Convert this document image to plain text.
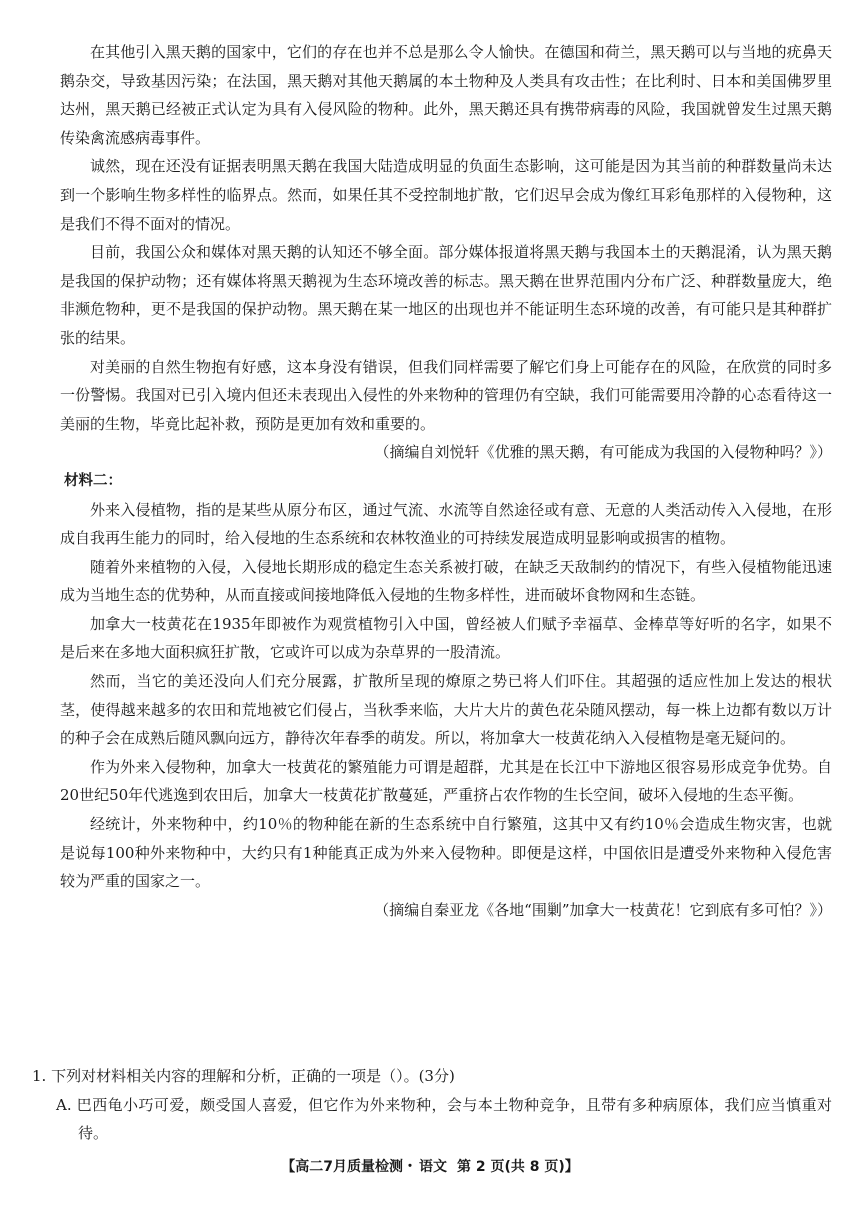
在其他引入黑天鹅的国家中，它们的存在也并不总是那么令人愉快。在德国和荷兰，黑天鹅可以与当地的疣鼻天鹅杂交，导致基因污染；在法国，黑天鹅对其他天鹅属的本土物种及人类具有攻击性；在比利时、日本和美国佛罗里达州，黑天鹅已经被正式认定为具有入侵风险的物种。此外，黑天鹅还具有携带病毒的风险，我国就曾发生过黑天鹅传染禽流感病毒事件。

诚然，现在还没有证据表明黑天鹅在我国大陆造成明显的负面生态影响，这可能是因为其当前的种群数量尚未达到一个影响生物多样性的临界点。然而，如果任其不受控制地扩散，它们迟早会成为像红耳彩龟那样的入侵物种，这是我们不得不面对的情况。

目前，我国公众和媒体对黑天鹅的认知还不够全面。部分媒体报道将黑天鹅与我国本土的天鹅混淆，认为黑天鹅是我国的保护动物；还有媒体将黑天鹅视为生态环境改善的标志。黑天鹅在世界范围内分布广泛、种群数量庞大，绝非濒危物种，更不是我国的保护动物。黑天鹅在某一地区的出现也并不能证明生态环境的改善，有可能只是其种群扩张的结果。

对美丽的自然生物抱有好感，这本身没有错误，但我们同样需要了解它们身上可能存在的风险，在欣赏的同时多一份警惕。我国对已引入境内但还未表现出入侵性的外来物种的管理仍有空缺，我们可能需要用冷静的心态看待这一美丽的生物，毕竟比起补救，预防是更加有效和重要的。

（摘编自刘悦轩《优雅的黑天鹅，有可能成为我国的入侵物种吗？》）

材料二：

外来入侵植物，指的是某些从原分布区，通过气流、水流等自然途径或有意、无意的人类活动传入入侵地，在形成自我再生能力的同时，给入侵地的生态系统和农林牧渔业的可持续发展造成明显影响或损害的植物。

随着外来植物的入侵，入侵地长期形成的稳定生态关系被打破，在缺乏天敌制约的情况下，有些入侵植物能迅速成为当地生态的优势种，从而直接或间接地降低入侵地的生物多样性，进而破坏食物网和生态链。

加拿大一枝黄花在1935年即被作为观赏植物引入中国，曾经被人们赋予幸福草、金棒草等好听的名字，如果不是后来在多地大面积疯狂扩散，它或许可以成为杂草界的一股清流。

然而，当它的美还没向人们充分展露，扩散所呈现的燎原之势已将人们吓住。其超强的适应性加上发达的根状茎，使得越来越多的农田和荒地被它们侵占，当秋季来临，大片大片的黄色花朵随风摆动，每一株上边都有数以万计的种子会在成熟后随风飘向远方，静待次年春季的萌发。所以，将加拿大一枝黄花纳入入侵植物是毫无疑问的。

作为外来入侵物种，加拿大一枝黄花的繁殖能力可谓是超群，尤其是在长江中下游地区很容易形成竞争优势。自20世纪50年代逃逸到农田后，加拿大一枝黄花扩散蔓延，严重挤占农作物的生长空间，破坏入侵地的生态平衡。

经统计，外来物种中，约10％的物种能在新的生态系统中自行繁殖，这其中又有约10％会造成生物灾害，也就是说每100种外来物种中，大约只有1种能真正成为外来入侵物种。即便是这样，中国依旧是遭受外来物种入侵危害较为严重的国家之一。

（摘编自秦亚龙《各地“围剿”加拿大一枝黄花！它到底有多可怕？》）

1. 下列对材料相关内容的理解和分析，正确的一项是（）。(3分)

A. 巴西龟小巧可爱，颇受国人喜爱，但它作为外来物种，会与本土物种竞争，且带有多种病原体，我们应当慎重对待。

【高二7月质量检测・ 语文 第 2 页(共 8 页)】
